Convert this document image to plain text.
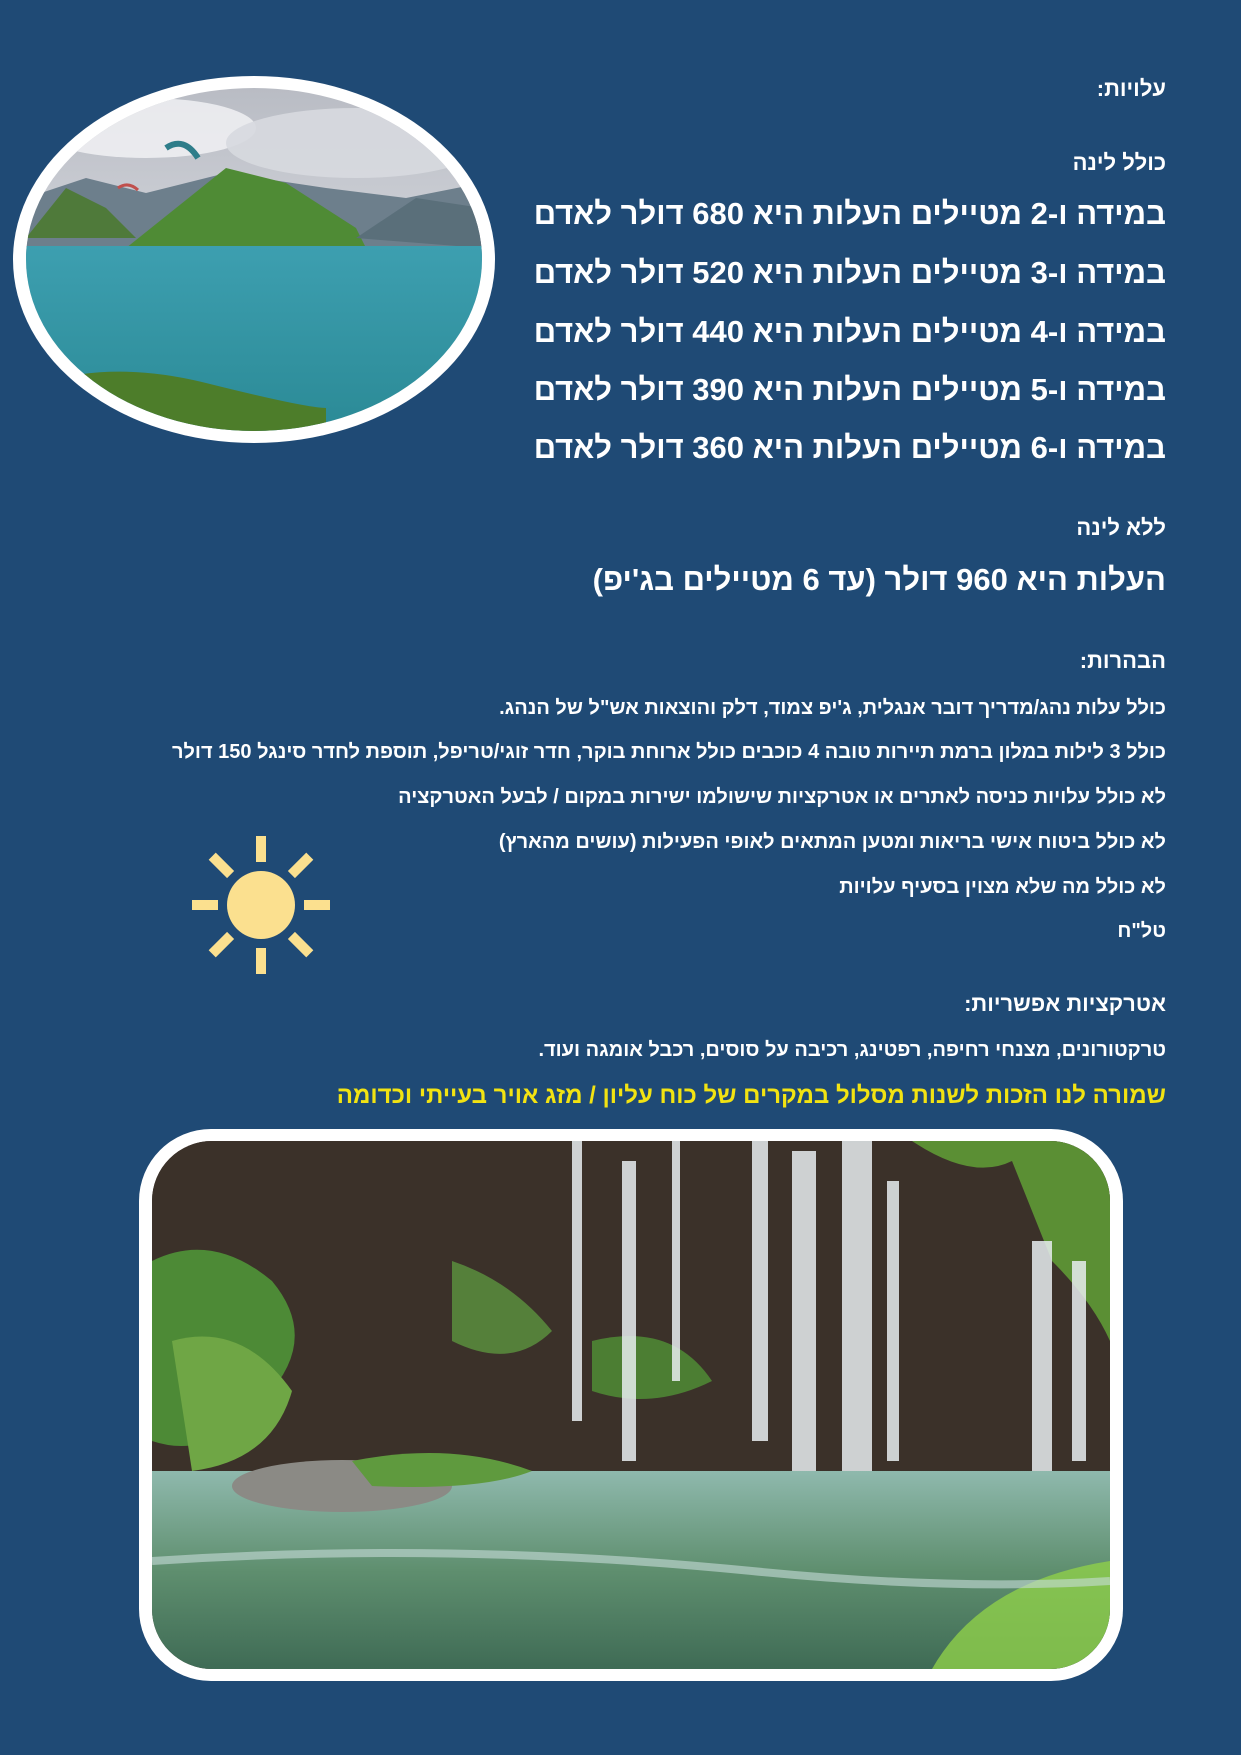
עלויות:
כולל לינה
במידה ו-2 מטיילים העלות היא 680 דולר לאדם
במידה ו-3 מטיילים העלות היא 520 דולר לאדם
במידה ו-4 מטיילים העלות היא 440 דולר לאדם
במידה ו-5 מטיילים העלות היא 390 דולר לאדם
במידה ו-6 מטיילים העלות היא 360 דולר לאדם
ללא לינה
העלות היא 960 דולר (עד 6 מטיילים בג'יפ)
הבהרות:
כולל עלות נהג/מדריך דובר אנגלית, ג'יפ צמוד, דלק והוצאות אש"ל של הנהג.
כולל 3 לילות במלון ברמת תיירות טובה 4 כוכבים כולל ארוחת בוקר, חדר זוגי/טריפל, תוספת לחדר סינגל 150 דולר
לא כולל עלויות כניסה לאתרים או אטרקציות שישולמו ישירות במקום / לבעל האטרקציה
לא כולל ביטוח אישי בריאות ומטען המתאים לאופי הפעילות (עושים מהארץ)
לא כולל מה שלא מצוין בסעיף עלויות
טל"ח
אטרקציות אפשריות:
טרקטורונים, מצנחי רחיפה, רפטינג, רכיבה על סוסים, רכבל אומגה ועוד.
שמורה לנו הזכות לשנות מסלול במקרים של כוח עליון / מזג אויר בעייתי וכדומה
